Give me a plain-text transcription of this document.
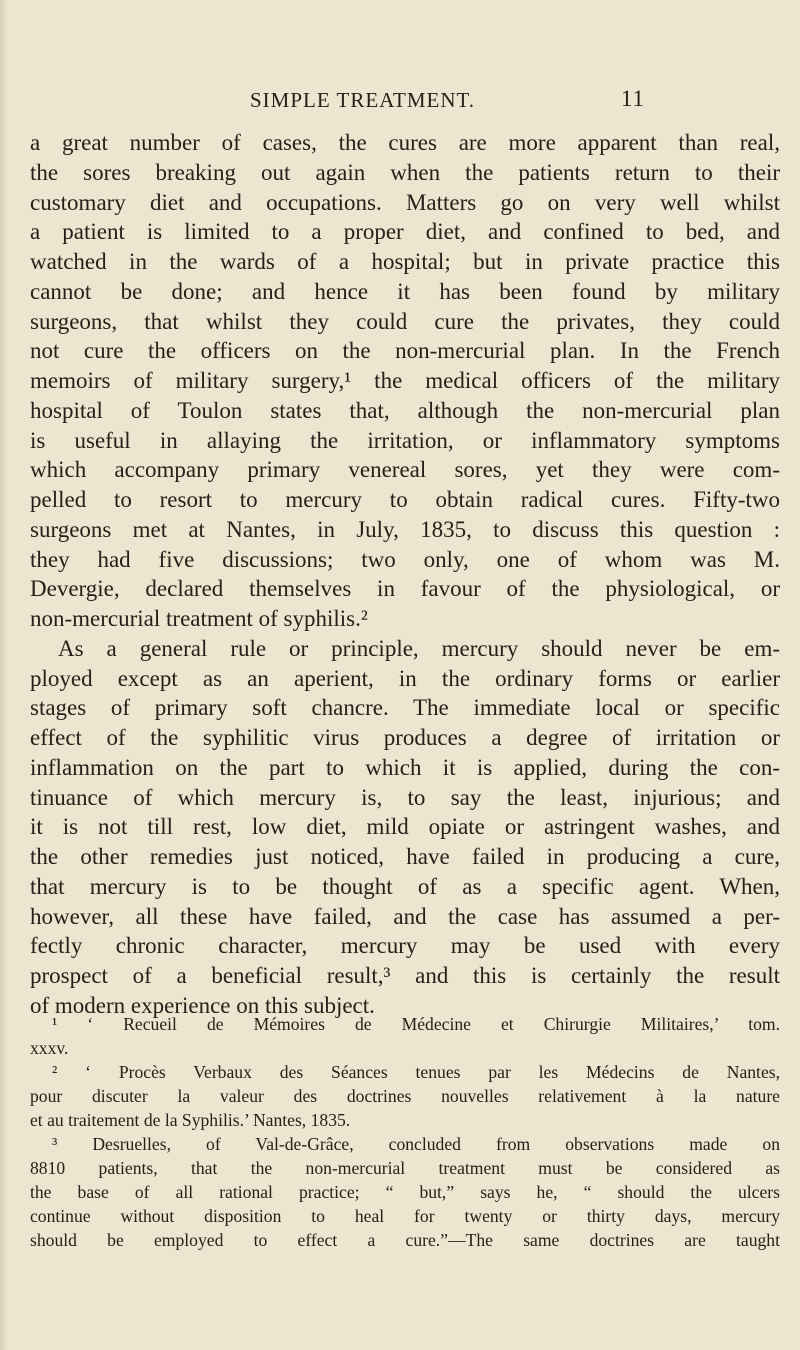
SIMPLE TREATMENT.	11
a great number of cases, the cures are more apparent than real,
the sores breaking out again when the patients return to their
customary diet and occupations. Matters go on very well whilst
a patient is limited to a proper diet, and confined to bed, and
watched in the wards of a hospital; but in private practice this
cannot be done; and hence it has been found by military
surgeons, that whilst they could cure the privates, they could
not cure the officers on the non-mercurial plan. In the French
memoirs of military surgery,¹ the medical officers of the military
hospital of Toulon states that, although the non-mercurial plan
is useful in allaying the irritation, or inflammatory symptoms
which accompany primary venereal sores, yet they were com-
pelled to resort to mercury to obtain radical cures. Fifty-two
surgeons met at Nantes, in July, 1835, to discuss this question :
they had five discussions; two only, one of whom was M.
Devergie, declared themselves in favour of the physiological, or
non-mercurial treatment of syphilis.²
As a general rule or principle, mercury should never be em-
ployed except as an aperient, in the ordinary forms or earlier
stages of primary soft chancre. The immediate local or specific
effect of the syphilitic virus produces a degree of irritation or
inflammation on the part to which it is applied, during the con-
tinuance of which mercury is, to say the least, injurious; and
it is not till rest, low diet, mild opiate or astringent washes, and
the other remedies just noticed, have failed in producing a cure,
that mercury is to be thought of as a specific agent. When,
however, all these have failed, and the case has assumed a per-
fectly chronic character, mercury may be used with every
prospect of a beneficial result,³ and this is certainly the result
of modern experience on this subject.
¹ ‘ Recueil de Mémoires de Médecine et Chirurgie Militaires,’ tom.
xxxv.
² ‘ Procès Verbaux des Séances tenues par les Médecins de Nantes,
pour discuter la valeur des doctrines nouvelles relativement à la nature
et au traitement de la Syphilis.’ Nantes, 1835.
³ Desruelles, of Val-de-Grâce, concluded from observations made on
8810 patients, that the non-mercurial treatment must be considered as
the base of all rational practice; “ but,” says he, “ should the ulcers
continue without disposition to heal for twenty or thirty days, mercury
should be employed to effect a cure.”—The same doctrines are taught
